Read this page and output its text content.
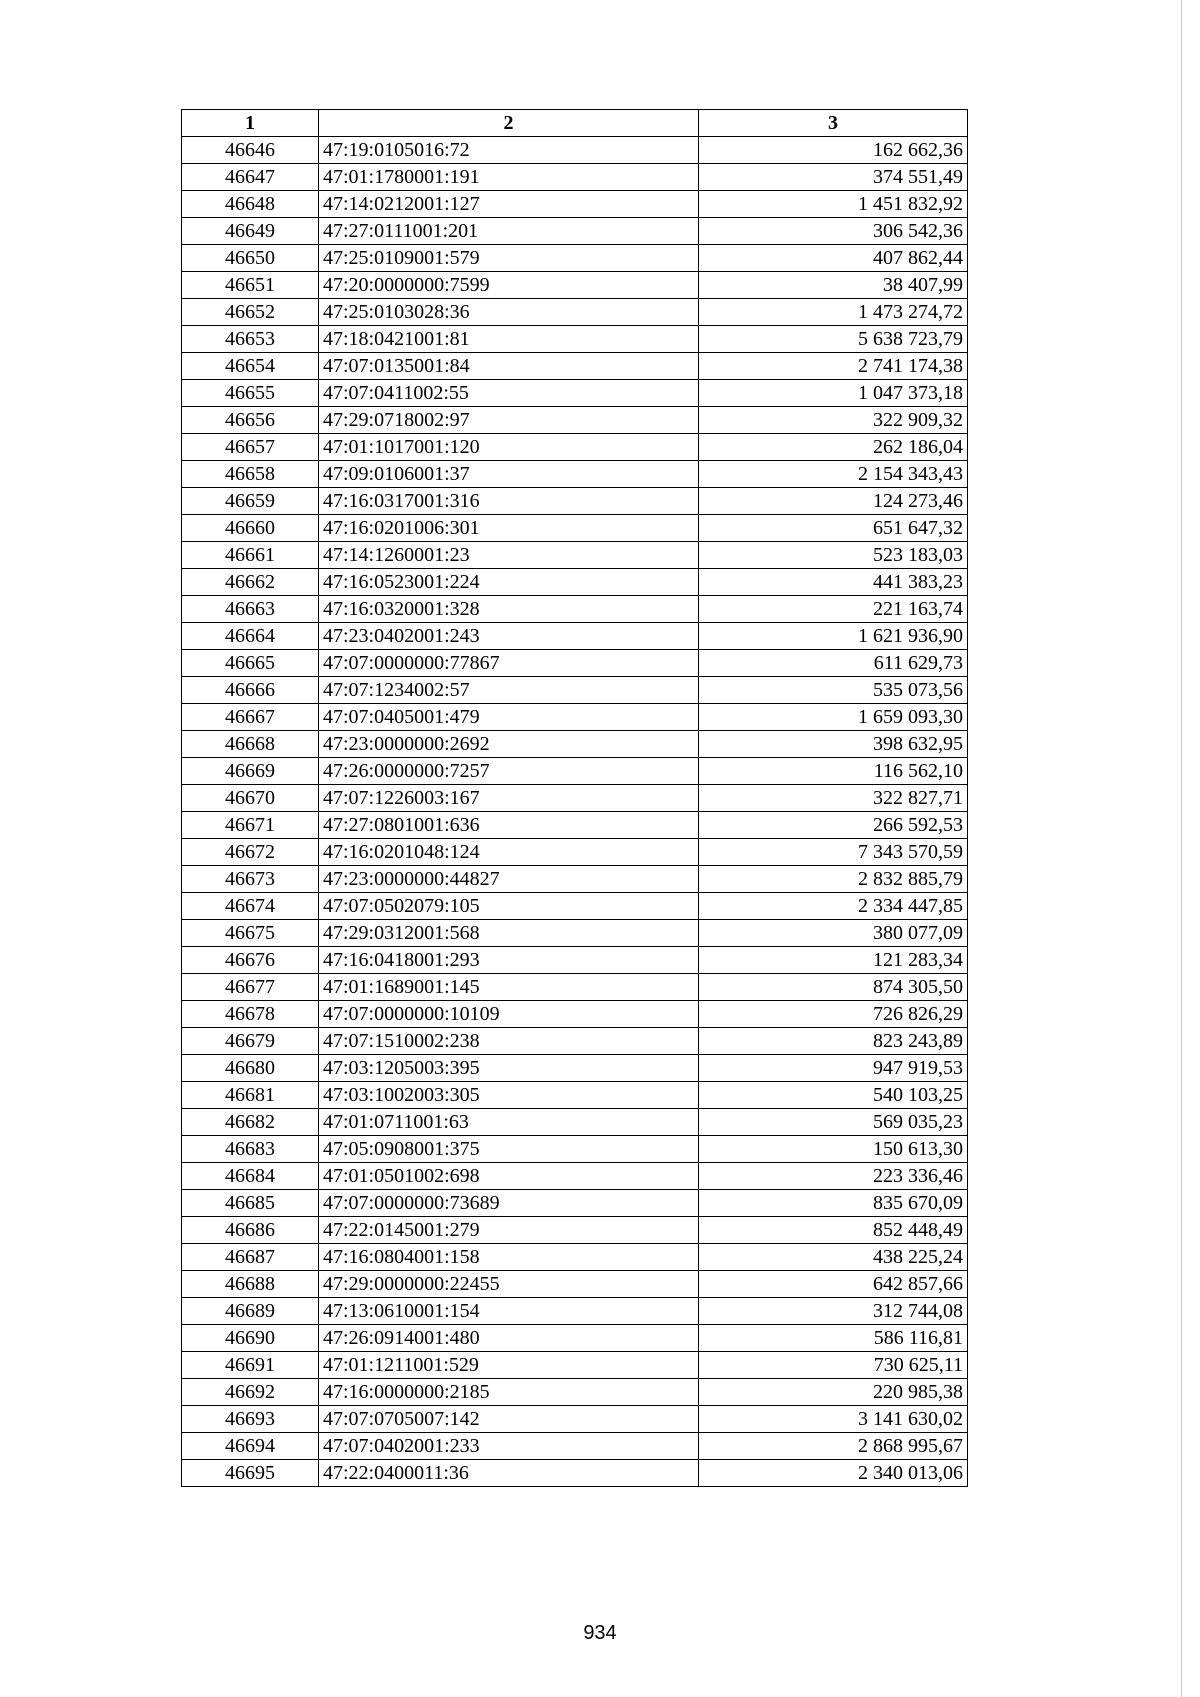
1	2	3
46646	47:19:0105016:72	162 662,36
46647	47:01:1780001:191	374 551,49
46648	47:14:0212001:127	1 451 832,92
46649	47:27:0111001:201	306 542,36
46650	47:25:0109001:579	407 862,44
46651	47:20:0000000:7599	38 407,99
46652	47:25:0103028:36	1 473 274,72
46653	47:18:0421001:81	5 638 723,79
46654	47:07:0135001:84	2 741 174,38
46655	47:07:0411002:55	1 047 373,18
46656	47:29:0718002:97	322 909,32
46657	47:01:1017001:120	262 186,04
46658	47:09:0106001:37	2 154 343,43
46659	47:16:0317001:316	124 273,46
46660	47:16:0201006:301	651 647,32
46661	47:14:1260001:23	523 183,03
46662	47:16:0523001:224	441 383,23
46663	47:16:0320001:328	221 163,74
46664	47:23:0402001:243	1 621 936,90
46665	47:07:0000000:77867	611 629,73
46666	47:07:1234002:57	535 073,56
46667	47:07:0405001:479	1 659 093,30
46668	47:23:0000000:2692	398 632,95
46669	47:26:0000000:7257	116 562,10
46670	47:07:1226003:167	322 827,71
46671	47:27:0801001:636	266 592,53
46672	47:16:0201048:124	7 343 570,59
46673	47:23:0000000:44827	2 832 885,79
46674	47:07:0502079:105	2 334 447,85
46675	47:29:0312001:568	380 077,09
46676	47:16:0418001:293	121 283,34
46677	47:01:1689001:145	874 305,50
46678	47:07:0000000:10109	726 826,29
46679	47:07:1510002:238	823 243,89
46680	47:03:1205003:395	947 919,53
46681	47:03:1002003:305	540 103,25
46682	47:01:0711001:63	569 035,23
46683	47:05:0908001:375	150 613,30
46684	47:01:0501002:698	223 336,46
46685	47:07:0000000:73689	835 670,09
46686	47:22:0145001:279	852 448,49
46687	47:16:0804001:158	438 225,24
46688	47:29:0000000:22455	642 857,66
46689	47:13:0610001:154	312 744,08
46690	47:26:0914001:480	586 116,81
46691	47:01:1211001:529	730 625,11
46692	47:16:0000000:2185	220 985,38
46693	47:07:0705007:142	3 141 630,02
46694	47:07:0402001:233	2 868 995,67
46695	47:22:0400011:36	2 340 013,06
934
